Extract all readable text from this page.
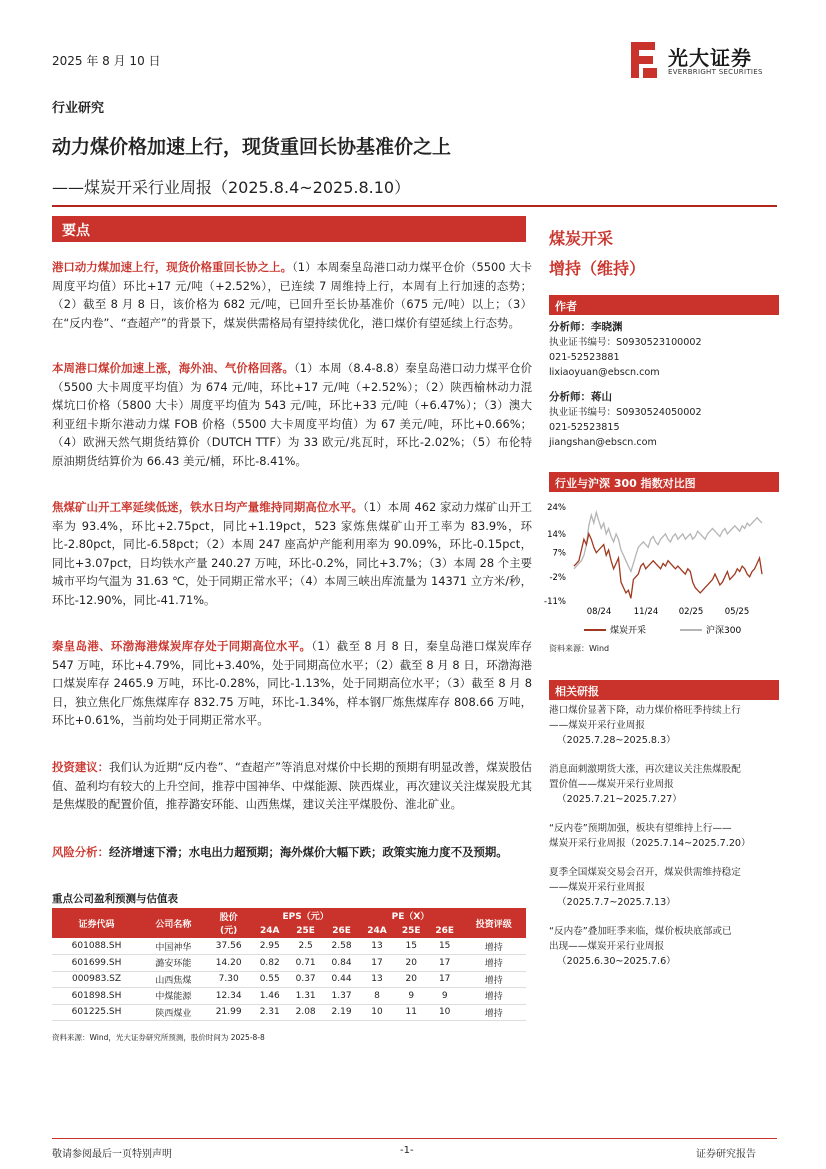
2025 年 8 月 10 日	光大证券
EVERBRIGHT SECURITIES
行业研究
动力煤价格加速上行，现货重回长协基准价之上
——煤炭开采行业周报（2025.8.4~2025.8.10）
要点
港口动力煤加速上行，现货价格重回长协之上。（1）本周秦皇岛港口动力煤平仓价（5500 大卡周度平均值）环比+17 元/吨（+2.52%），已连续 7 周维持上行，本周有上行加速的态势；（2）截至 8 月 8 日，该价格为 682 元/吨，已回升至长协基准价（675 元/吨）以上；（3）在“反内卷”、“查超产”的背景下，煤炭供需格局有望持续优化，港口煤价有望延续上行态势。
本周港口煤价加速上涨，海外油、气价格回落。（1）本周（8.4-8.8）秦皇岛港口动力煤平仓价（5500 大卡周度平均值）为 674 元/吨，环比+17 元/吨（+2.52%）；（2）陕西榆林动力混煤坑口价格（5800 大卡）周度平均值为 543 元/吨，环比+33 元/吨（+6.47%）；（3）澳大利亚纽卡斯尔港动力煤 FOB 价格（5500 大卡周度平均值）为 67 美元/吨，环比+0.66%；（4）欧洲天然气期货结算价（DUTCH TTF）为 33 欧元/兆瓦时，环比-2.02%；（5）布伦特原油期货结算价为 66.43 美元/桶，环比-8.41%。
焦煤矿山开工率延续低迷，铁水日均产量维持同期高位水平。（1）本周 462 家动力煤矿山开工率为 93.4%，环比+2.75pct，同比+1.19pct，523 家炼焦煤矿山开工率为 83.9%，环比-2.80pct，同比-6.58pct；（2）本周 247 座高炉产能利用率为 90.09%，环比-0.15pct，同比+3.07pct，日均铁水产量 240.27 万吨，环比-0.2%，同比+3.7%；（3）本周 28 个主要城市平均气温为 31.63 ℃，处于同期正常水平；（4）本周三峡出库流量为 14371 立方米/秒，环比-12.90%，同比-41.71%。
秦皇岛港、环渤海港煤炭库存处于同期高位水平。（1）截至 8 月 8 日，秦皇岛港口煤炭库存 547 万吨，环比+4.79%，同比+3.40%，处于同期高位水平；（2）截至 8 月 8 日，环渤海港口煤炭库存 2465.9 万吨，环比-0.28%，同比-1.13%，处于同期高位水平；（3）截至 8 月 8 日，独立焦化厂炼焦煤库存 832.75 万吨，环比-1.34%，样本钢厂炼焦煤库存 808.66 万吨，环比+0.61%，当前均处于同期正常水平。
投资建议：我们认为近期“反内卷”、“查超产”等消息对煤价中长期的预期有明显改善，煤炭股估值、盈利均有较大的上升空间，推荐中国神华、中煤能源、陕西煤业，再次建议关注煤炭股尤其是焦煤股的配置价值，推荐潞安环能、山西焦煤，建议关注平煤股份、淮北矿业。
风险分析：经济增速下滑；水电出力超预期；海外煤价大幅下跌；政策实施力度不及预期。
重点公司盈利预测与估值表
证券代码	公司名称	股价
(元)	EPS（元）			PE（X）			投资评级
			24A	25E	26E	24A	25E	26E	
601088.SH	中国神华	37.56	2.95	2.5	2.58	13	15	15	增持
601699.SH	潞安环能	14.20	0.82	0.71	0.84	17	20	17	增持
000983.SZ	山西焦煤	7.30	0.55	0.37	0.44	13	20	17	增持
601898.SH	中煤能源	12.34	1.46	1.31	1.37	8	9	9	增持
601225.SH	陕西煤业	21.99	2.31	2.08	2.19	10	11	10	增持
资料来源：Wind，光大证券研究所预测，股价时间为 2025-8-8
煤炭开采
增持（维持）
作者
分析师：李晓渊
执业证书编号：S0930523100002
021-52523881
lixiaoyuan@ebscn.com
分析师：蒋山
执业证书编号：S0930524050002
021-52523815
jiangshan@ebscn.com
行业与沪深 300 指数对比图
24%
14%
7%
-2%
-11%
08/24	11/24 02/25	05/25
煤炭开采	沪深300
资料来源：Wind
相关研报
港口煤价显著下降，动力煤价格旺季持续上行
——煤炭开采行业周报
（2025.7.28~2025.8.3）
消息面刺激期货大涨，再次建议关注焦煤股配
置价值——煤炭开采行业周报
（2025.7.21~2025.7.27）
“反内卷”预期加强，板块有望维持上行——
煤炭开采行业周报（2025.7.14~2025.7.20）
夏季全国煤炭交易会召开，煤炭供需维持稳定
——煤炭开采行业周报
（2025.7.7~2025.7.13）
“反内卷”叠加旺季来临，煤价板块底部或已
出现——煤炭开采行业周报
（2025.6.30~2025.7.6）
敬请参阅最后一页特别声明	-1-	证券研究报告
